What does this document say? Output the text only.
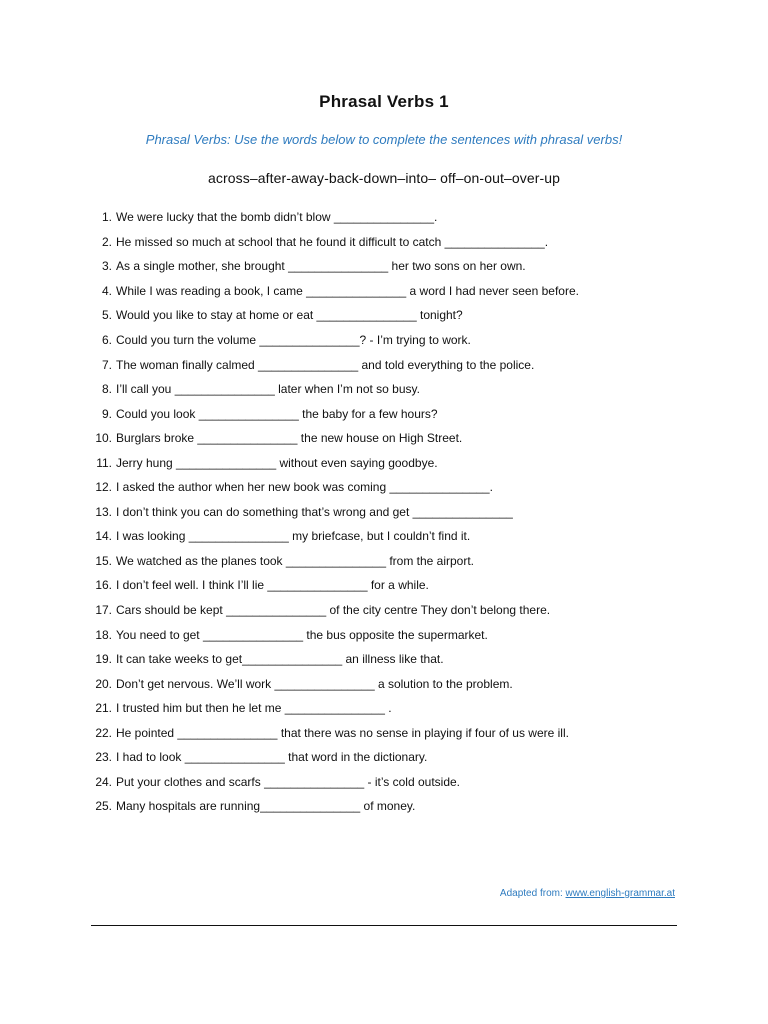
Phrasal Verbs 1
Phrasal Verbs: Use the words below to complete the sentences with phrasal verbs!
across–after-away-back-down–into– off–on-out–over-up
1. We were lucky that the bomb didn’t blow _______________.
2. He missed so much at school that he found it difficult to catch _______________.
3. As a single mother, she brought _______________ her two sons on her own.
4. While I was reading a book, I came _______________ a word I had never seen before.
5. Would you like to stay at home or eat _______________ tonight?
6. Could you turn the volume _______________? - I’m trying to work.
7. The woman finally calmed _______________ and told everything to the police.
8. I’ll call you _______________ later when I’m not so busy.
9. Could you look _______________ the baby for a few hours?
10. Burglars broke _______________ the new house on High Street.
11. Jerry hung _______________ without even saying goodbye.
12. I asked the author when her new book was coming _______________.
13. I don’t think you can do something that’s wrong and get _______________
14. I was looking _______________ my briefcase, but I couldn’t find it.
15. We watched as the planes took _______________ from the airport.
16. I don’t feel well. I think I’ll lie _______________ for a while.
17. Cars should be kept _______________ of the city centre They don’t belong there.
18. You need to get _______________ the bus opposite the supermarket.
19. It can take weeks to get_______________ an illness like that.
20. Don’t get nervous. We’ll work _______________ a solution to the problem.
21. I trusted him but then he let me _______________ .
22. He pointed _______________ that there was no sense in playing if four of us were ill.
23. I had to look _______________ that word in the dictionary.
24. Put your clothes and scarfs _______________ - it’s cold outside.
25. Many hospitals are running_______________ of money.
Adapted from: www.english-grammar.at
